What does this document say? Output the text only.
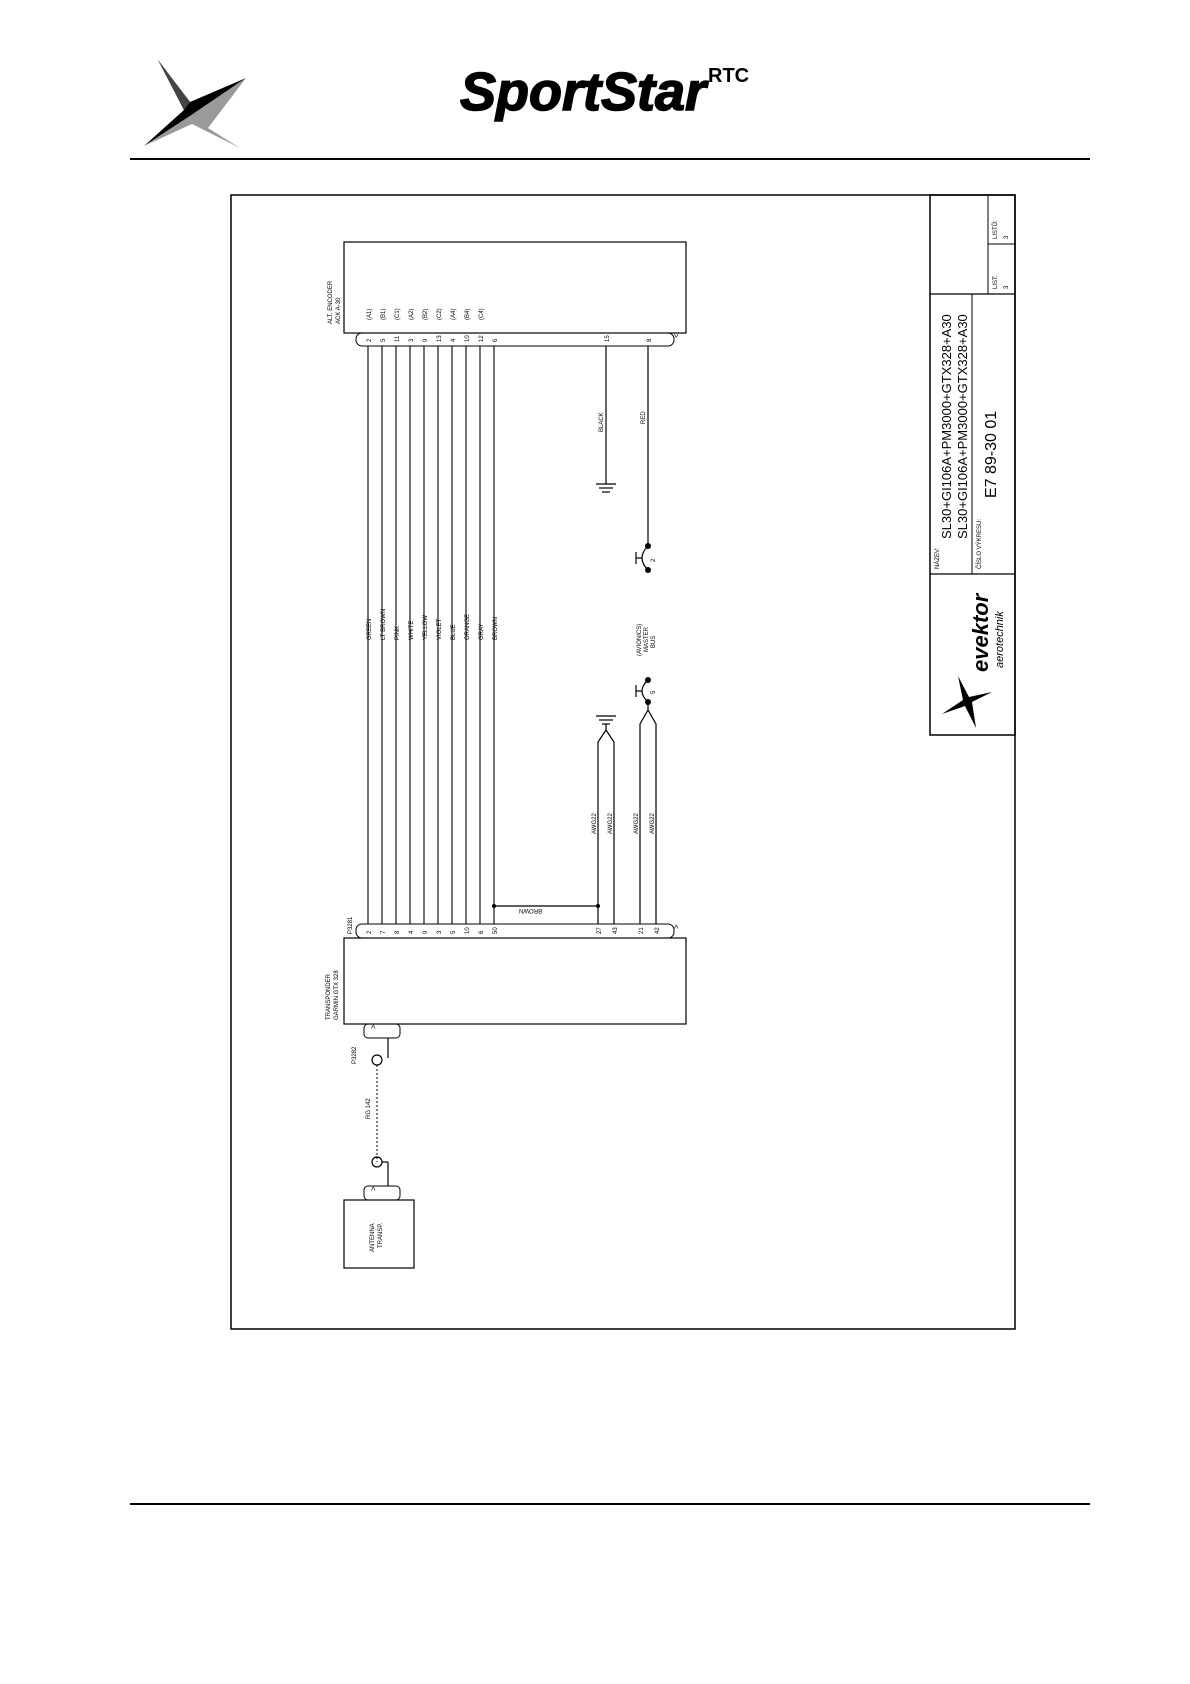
SportStar RTC
LISTŮ: 3
LIST: 3
NÁZEV:
SL30+GI106A+PM3000+GTX328+A30 SL30+GI106A+PM3000+GTX328+A30
ČÍSLO VÝKRESU:
E7 89-30 01
evektor aerotechnik
<
ALT. ENCODER ACK A-30
>
TRANSPONDER GARMIN GTX 328
P3281
>
P3282
RG 142
>
ANTENNA TRANSP.
(A1)
2
GREEN
2
(B1)
5
LT BROWN
7
(C1)
11
PINK
8
(A2)
3
WHITE
4
(B2)
9
YELLOW
9
(C2)
13
VIOLET
3
(A4)
4
BLUE
5
(B4)
10
ORANGE
10
(C4)
12
GRAY
6
6
BROWN
50
15
BLACK
8
RED
2
(AVIONICS) MASTER BUS
5
AWG22 AWG22
21 42
AWG22 AWG22
27 43
BROWN
